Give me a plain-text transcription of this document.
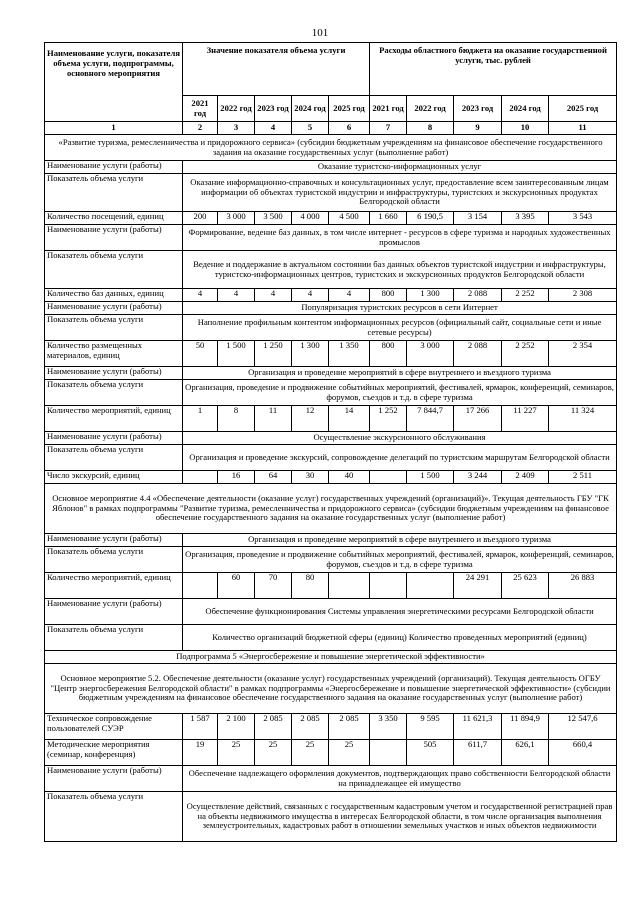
101
Наименование услуги, показателя объема услуги, подпрограммы, основного мероприятия	Значение показателя объема услуги					Расходы областного бюджета на оказание государственной услуги, тыс. рублей				
	2021 год	2022 год	2023 год	2024 год	2025 год	2021 год	2022 год	2023 год	2024 год	2025 год
1	2	3	4	5	6	7	8	9	10	11
«Развитие туризма, ремесленничества и придорожного сервиса» (субсидии бюджетным учреждениям на финансовое обеспечение государственного задания на оказание государственных услуг (выполнение работ)										
Наименование услуги (работы)	Оказание туристско-информационных услуг									
Показатель объема услуги	Оказание информационно-справочных и консультационных услуг, предоставление всем заинтересованным лицам информации об объектах туристской индустрии и инфраструктуры, туристских и экскурсионных продуктах Белгородской области									
Количество посещений, единиц	200	3 000	3 500	4 000	4 500	1 660	6 190,5	3 154	3 395	3 543
Наименование услуги (работы)	Формирование, ведение баз данных, в том числе интернет - ресурсов в сфере туризма и народных художественных промыслов									
Показатель объема услуги	Ведение и поддержание в актуальном состоянии баз данных объектов туристской индустрии и инфраструктуры, туристско-информационных центров, туристских и экскурсионных продуктов Белгородской области									
Количество баз данных, единиц	4	4	4	4	4	800	1 300	2 088	2 252	2 308
Наименование услуги (работы)	Популяризация туристских ресурсов в сети Интернет									
Показатель объема услуги	Наполнение профильным контентом информационных ресурсов (официальный сайт, социальные сети и иные сетевые ресурсы)									
Количество размещенных материалов, единиц	50	1 500	1 250	1 300	1 350	800	3 000	2 088	2 252	2 354
Наименование услуги (работы)	Организация и проведение мероприятий в сфере внутреннего и въездного туризма									
Показатель объема услуги	Организация, проведение и продвижение событийных мероприятий, фестивалей, ярмарок, конференций, семинаров, форумов, съездов и т.д. в сфере туризма									
Количество мероприятий, единиц	1	8	11	12	14	1 252	7 844,7	17 266	11 227	11 324
Наименование услуги (работы)	Осуществление экскурсионного обслуживания									
Показатель объема услуги	Организация и проведение экскурсий, сопровождение делегаций по туристским маршрутам Белгородской области									
Число экскурсий, единиц		16	64	30	40		1 500	3 244	2 409	2 511
Основное мероприятие 4.4 «Обеспечение деятельности (оказание услуг) государственных учреждений (организаций)». Текущая деятельность ГБУ "ГК Яблонов" в рамках подпрограммы "Развитие туризма, ремесленничества и придорожного сервиса» (субсидии бюджетным учреждениям на финансовое обеспечение государственного задания на оказание государственных услуг (выполнение работ)										
Наименование услуги (работы)	Организация и проведение мероприятий в сфере внутреннего и въездного туризма									
Показатель объема услуги	Организация, проведение и продвижение событийных мероприятий, фестивалей, ярмарок, конференций, семинаров, форумов, съездов и т.д. в сфере туризма									
Количество мероприятий, единиц		60	70	80				24 291	25 623	26 883
Наименование услуги (работы)	Обеспечение функционирования Системы управления энергетическими ресурсами Белгородской области									
Показатель объема услуги	Количество организаций бюджетной сферы (единиц) Количество проведенных мероприятий (единиц)									
Подпрограмма 5 «Энергосбережение и повышение энергетической эффективности»										
Основное мероприятие 5.2. Обеспечение деятельности (оказание услуг) государственных учреждений (организаций). Текущая деятельность ОГБУ "Центр энергосбережения Белгородской области" в рамках подпрограммы «Энергосбережение и повышение энергетической эффективности» (субсидии бюджетным учреждениям на финансовое обеспечение государственного задания на оказание государственных услуг (выполнение работ)										
Техническое сопровождение пользователей СУЭР	1 587	2 100	2 085	2 085	2 085	3 350	9 595	11 621,3	11 894,9	12 547,6
Методические мероприятия (семинар, конференция)	19	25	25	25	25		505	611,7	626,1	660,4
Наименование услуги (работы)	Обеспечение надлежащего оформления документов, подтверждающих право собственности Белгородской области на принадлежащее ей имущество									
Показатель объема услуги	Осуществление действий, связанных с государственным кадастровым учетом и государственной регистрацией прав на объекты недвижимого имущества в интересах Белгородской области, в том числе организация выполнения землеустроительных, кадастровых работ в отношении земельных участков и иных объектов недвижимости									
